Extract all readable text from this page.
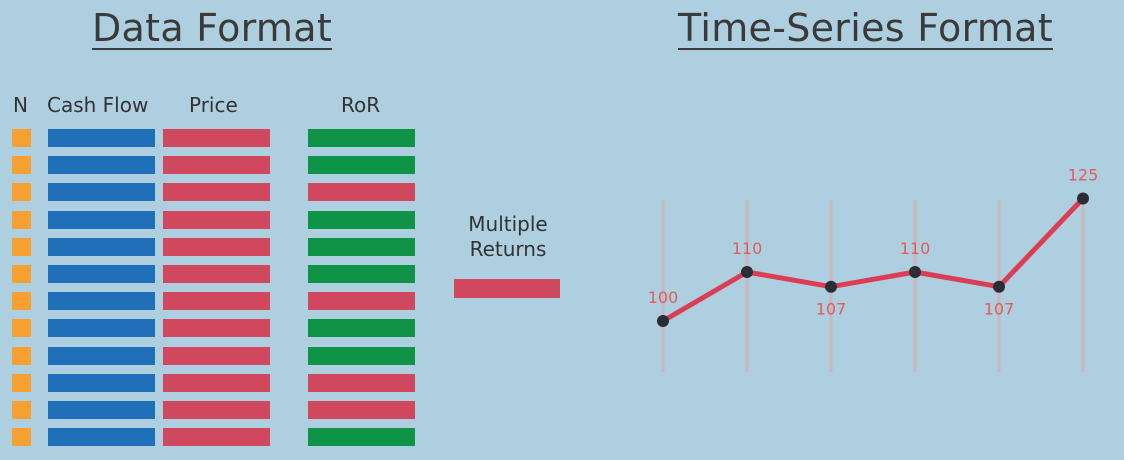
Data Format	Time-Series Format
N Cash Flow Price	RoR
Multiple
Returns
100
110
107
110
107
125
